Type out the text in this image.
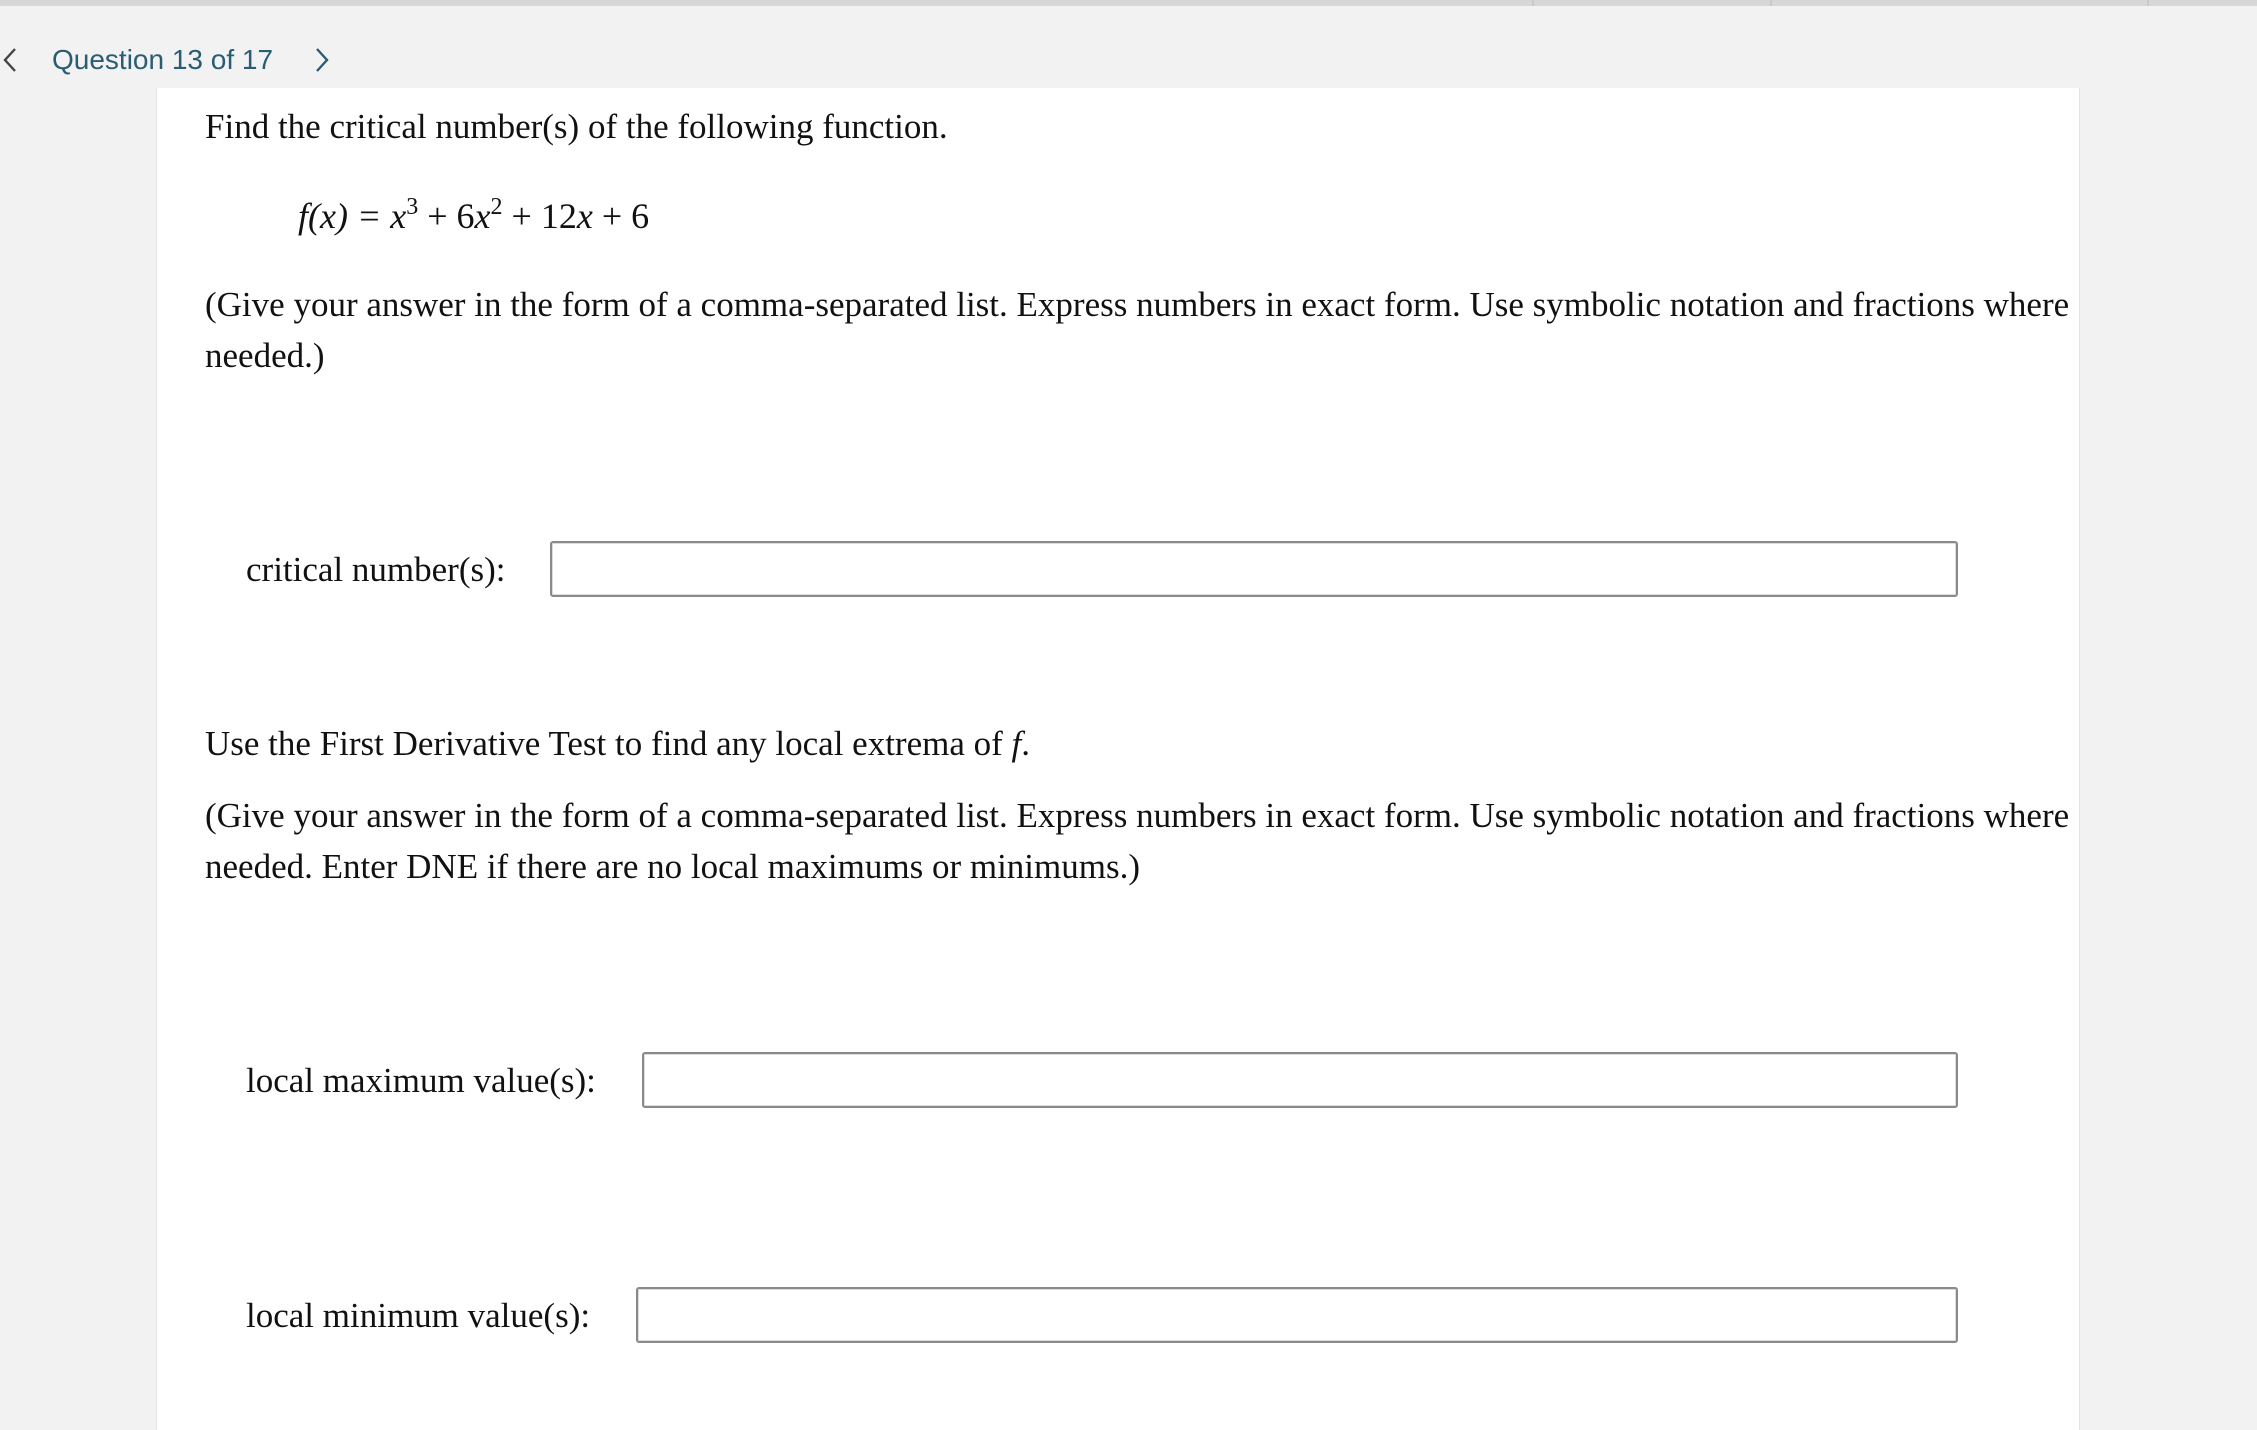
Question 13 of 17
Find the critical number(s) of the following function.
$f(x) = x^3 + 6x^2 + 12x + 6$
(Give your answer in the form of a comma-separated list. Express numbers in exact form. Use symbolic notation and fractions where needed.)
critical number(s):
Use the First Derivative Test to find any local extrema of f.
(Give your answer in the form of a comma-separated list. Express numbers in exact form. Use symbolic notation and fractions where needed. Enter DNE if there are no local maximums or minimums.)
local maximum value(s):
local minimum value(s):
